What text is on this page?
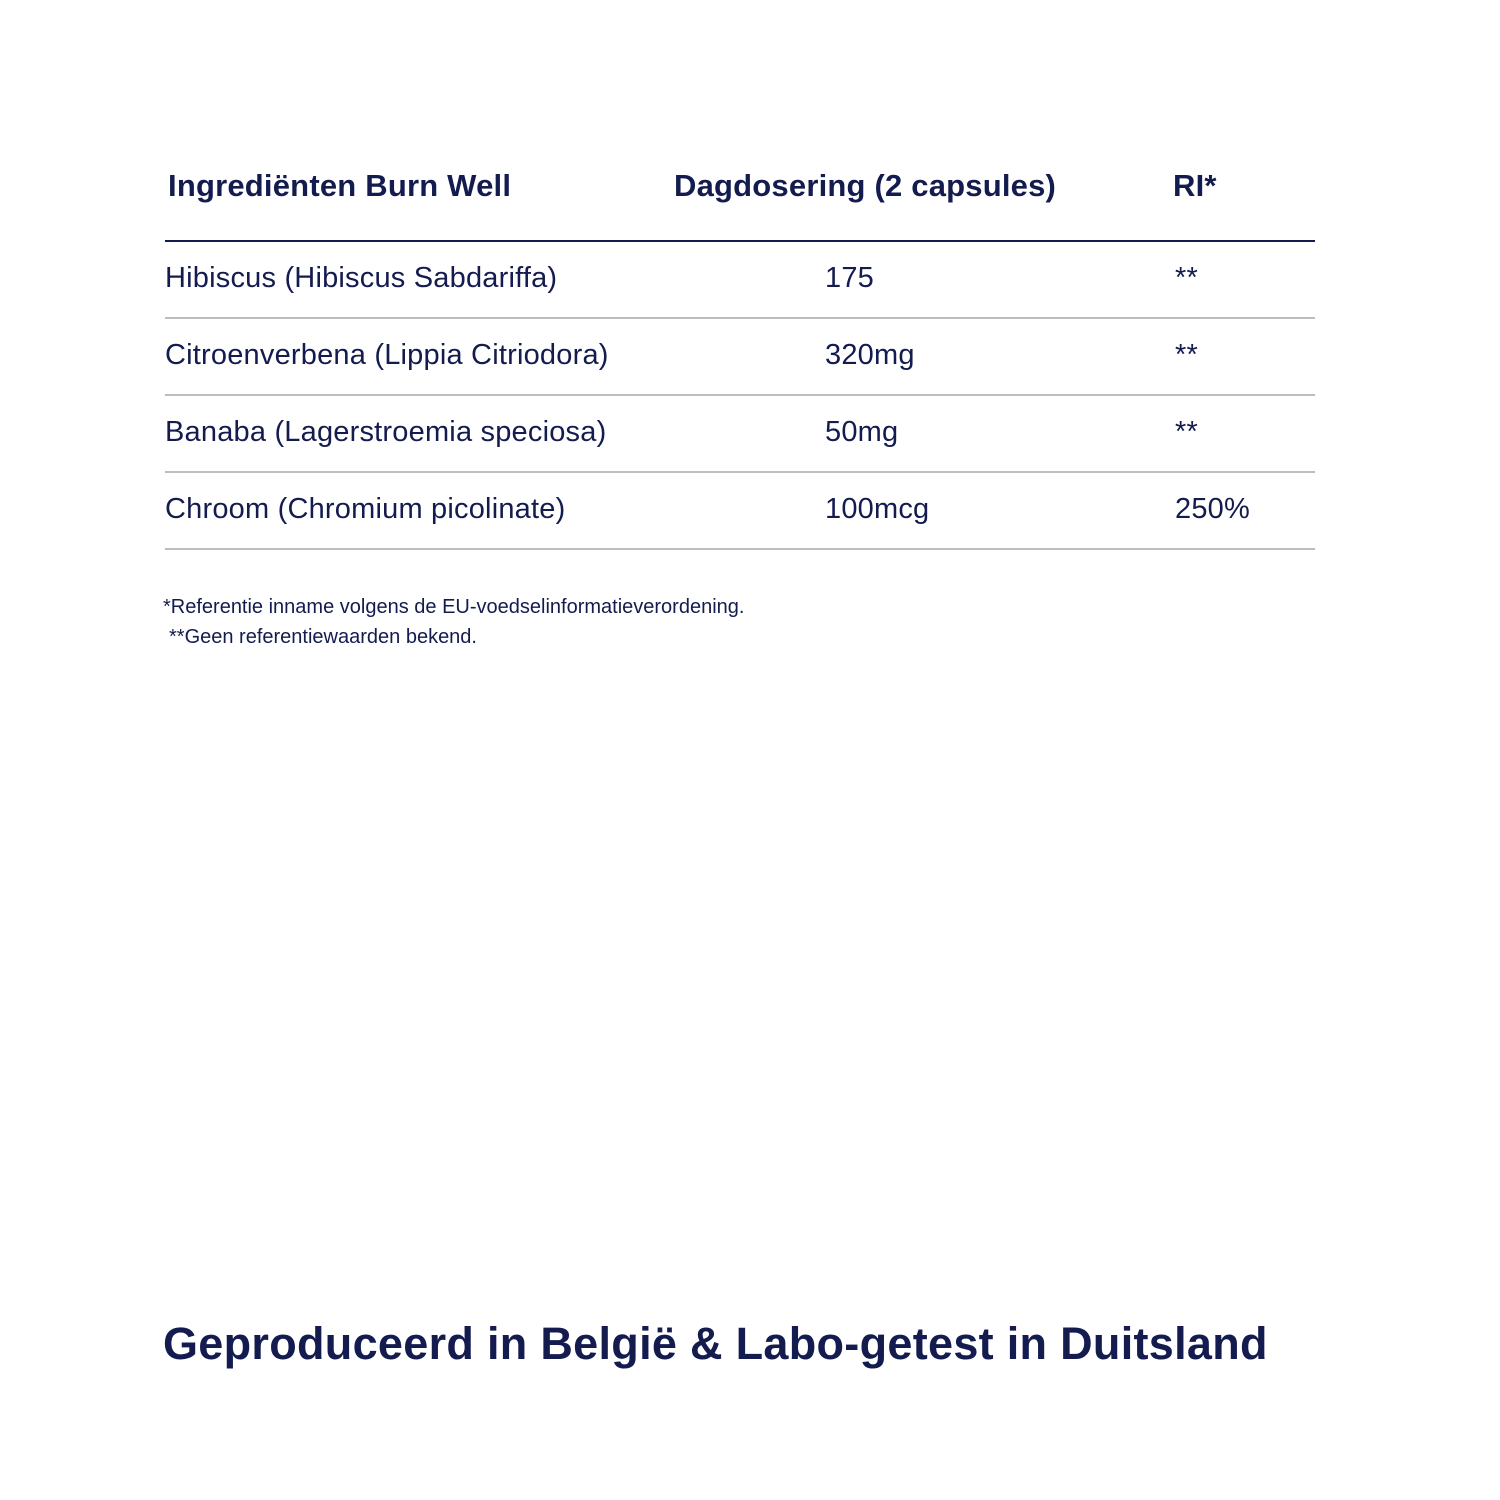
Ingrediënten Burn Well	Dagdosering (2 capsules)	RI*
Hibiscus (Hibiscus Sabdariffa)	175	**
Citroenverbena (Lippia Citriodora)	320mg	**
Banaba (Lagerstroemia speciosa)	50mg	**
Chroom (Chromium picolinate)	100mcg	250%
*Referentie inname volgens de EU-voedselinformatieverordening.
**Geen referentiewaarden bekend.
Geproduceerd in België & Labo-getest in Duitsland
